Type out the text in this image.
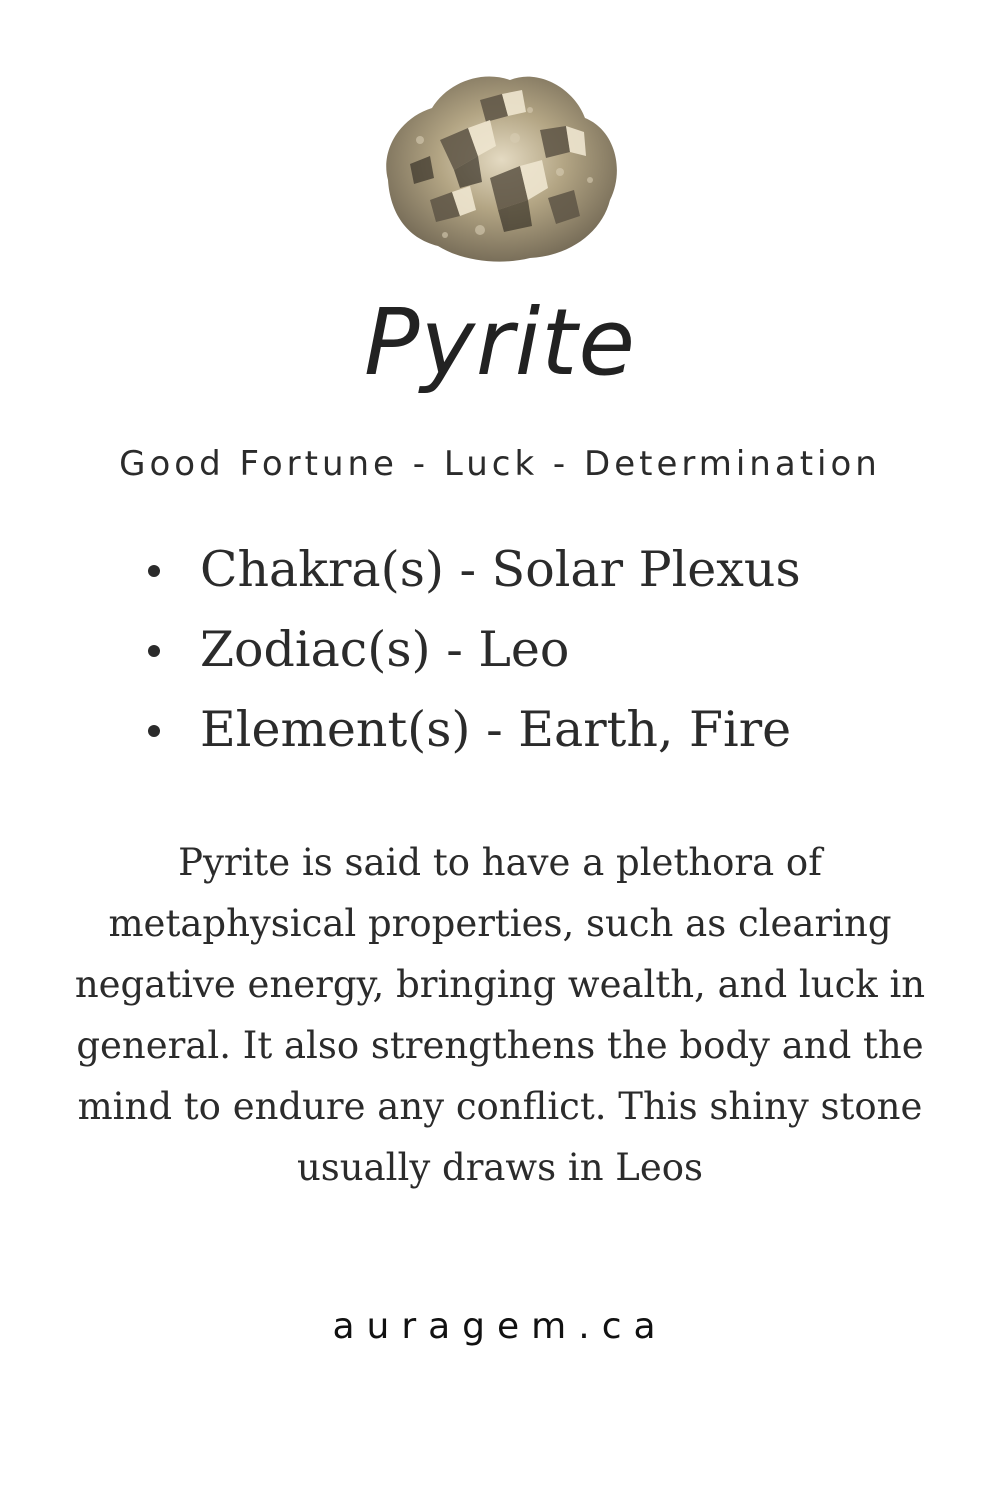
Pyrite
Good Fortune - Luck - Determination
Chakra(s) - Solar Plexus
Zodiac(s) - Leo
Element(s) - Earth, Fire
Pyrite is said to have a plethora of metaphysical properties, such as clearing negative energy, bringing wealth, and luck in general. It also strengthens the body and the mind to endure any conflict. This shiny stone usually draws in Leos
auragem.ca
